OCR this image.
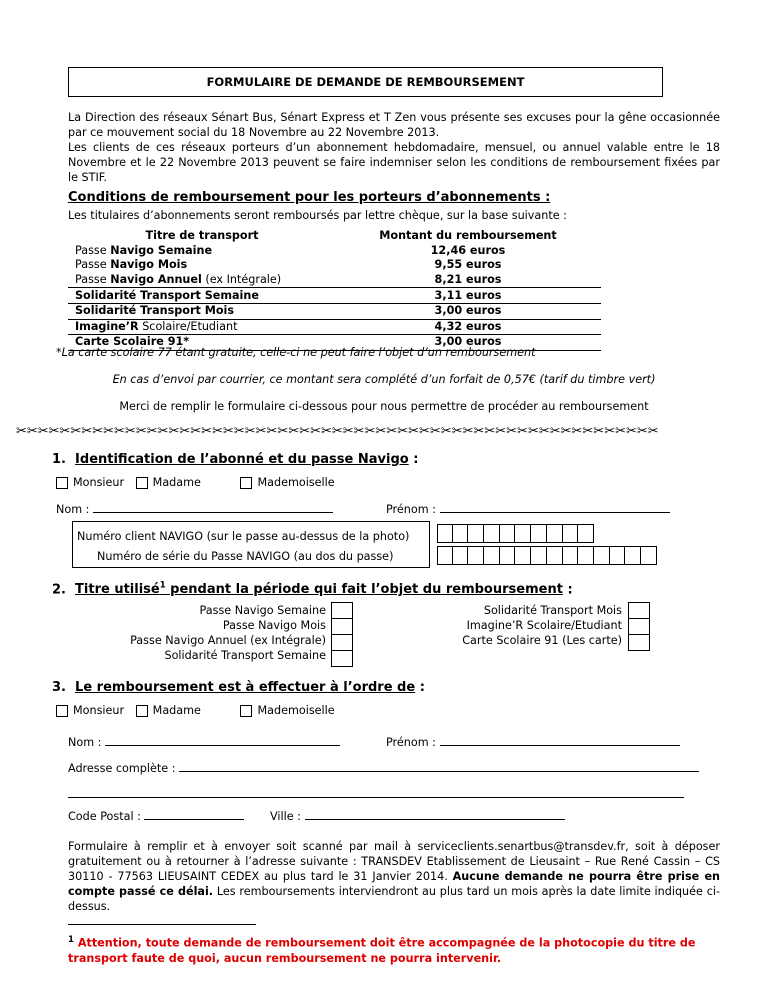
FORMULAIRE DE DEMANDE DE REMBOURSEMENT
La Direction des réseaux Sénart Bus, Sénart Express et T Zen vous présente ses excuses pour la gêne occasionnée par ce mouvement social du 18 Novembre au 22 Novembre 2013.
Les clients de ces réseaux porteurs d’un abonnement hebdomadaire, mensuel, ou annuel valable entre le 18 Novembre et le 22 Novembre 2013 peuvent se faire indemniser selon les conditions de remboursement fixées par le STIF.
Conditions de remboursement pour les porteurs d’abonnements :
Les titulaires d’abonnements seront remboursés par lettre chèque, sur la base suivante :
Titre de transport	Montant du remboursement
Passe Navigo Semaine	12,46 euros
Passe Navigo Mois	9,55 euros
Passe Navigo Annuel (ex Intégrale)	8,21 euros
Solidarité Transport Semaine	3,11 euros
Solidarité Transport Mois	3,00 euros
Imagine’R Scolaire/Etudiant	4,32 euros
Carte Scolaire 91*	3,00 euros
*La carte scolaire 77 étant gratuite, celle-ci ne peut faire l’objet d’un remboursement
En cas d’envoi par courrier, ce montant sera complété d’un forfait de 0,57€ (tarif du timbre vert)
Merci de remplir le formulaire ci-dessous pour nous permettre de procéder au remboursement
✂✂✂✂✂✂✂✂✂✂✂✂✂✂✂✂✂✂✂✂✂✂✂✂✂✂✂✂✂✂✂✂✂✂✂✂✂✂✂✂✂✂✂✂✂✂✂✂✂✂✂✂✂✂✂✂✂✂✂
1. Identification de l’abonné et du passe Navigo :
Monsieur
	Madame
	Mademoiselle
Nom :	Prénom :
Numéro client NAVIGO (sur le passe au-dessus de la photo)
Numéro de série du Passe NAVIGO (au dos du passe)
2. Titre utilisé$^1$ pendant la période qui fait l’objet du remboursement :
Passe Navigo Semaine
Passe Navigo Mois
Passe Navigo Annuel (ex Intégrale)
Solidarité Transport Semaine
Solidarité Transport Mois
Imagine’R Scolaire/Etudiant
Carte Scolaire 91 (Les carte)
3. Le remboursement est à effectuer à l’ordre de :
Monsieur
	Madame
	Mademoiselle
Nom :	Prénom :
Adresse complète :
Code Postal :	Ville :
Formulaire à remplir et à envoyer soit scanné par mail à serviceclients.senartbus@transdev.fr, soit à déposer gratuitement ou à retourner à l’adresse suivante : TRANSDEV Etablissement de Lieusaint – Rue René Cassin – CS 30110 - 77563 LIEUSAINT CEDEX au plus tard le 31 Janvier 2014. Aucune demande ne pourra être prise en compte passé ce délai. Les remboursements interviendront au plus tard un mois après la date limite indiquée ci-dessus.
$^1$ Attention, toute demande de remboursement doit être accompagnée de la photocopie du titre de transport faute de quoi, aucun remboursement ne pourra intervenir.
